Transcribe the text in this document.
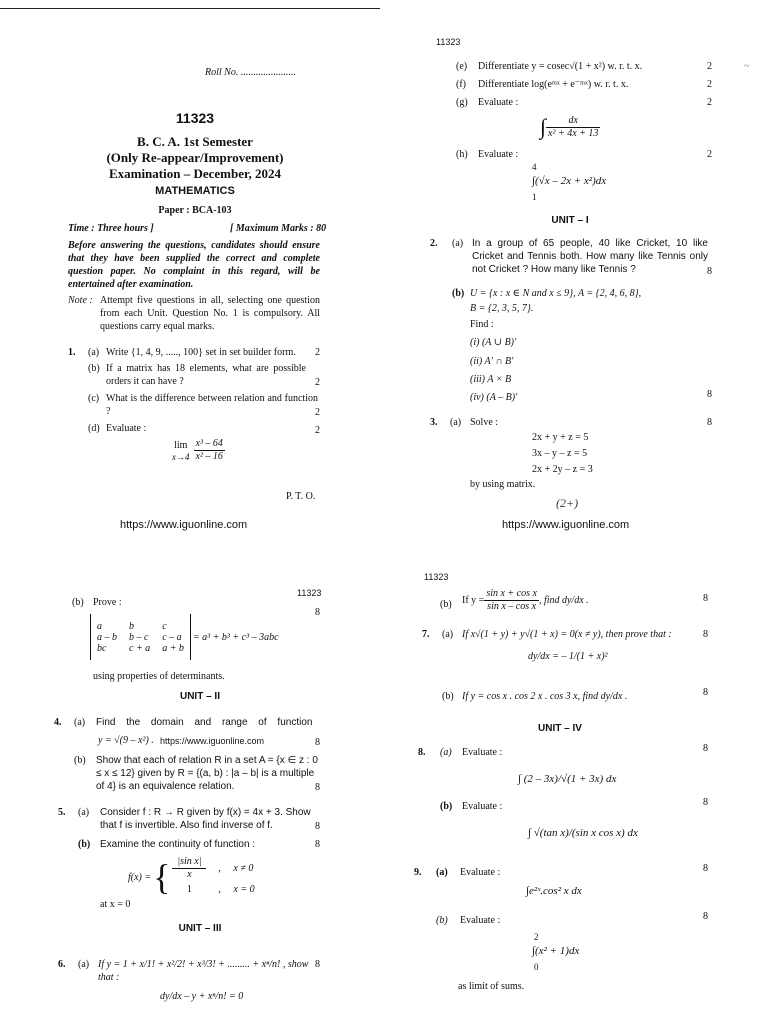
Roll No. ......................
11323
B. C. A. 1st Semester
(Only Re-appear/Improvement)
Examination – December, 2024
MATHEMATICS
Paper : BCA-103
Time : Three hours ]	[ Maximum Marks : 80
Before answering the questions, candidates should ensure that they have been supplied the correct and complete question paper. No complaint in this regard, will be entertained after examination.
Note : Attempt five questions in all, selecting one question from each Unit. Question No. 1 is compulsory. All questions carry equal marks.
1. (a) Write {1, 4, 9, ....., 100} set in set builder form.	2
(b) If a matrix has 18 elements, what are possible orders it can have ?	2
(c) What is the difference between relation and function ?	2
(d) Evaluate :	2
lim
x→4
$\frac{\text{x³ – 64}}{\text{x² – 16}}$
P. T. O.
https://www.iguonline.com
11323
~
(e) Differentiate y = cosec√(1 + x²) w. r. t. x.	2
(f) Differentiate log(eᵐˣ + e⁻ᵐˣ) w. r. t. x.	2
(g) Evaluate :	2
∫ $\frac{dx}{\text{x² + 4x + 13}}$
(h) Evaluate :	2
4
∫(√x – 2x + x²)dx
1
UNIT – I
2. (a) In a group of 65 people, 40 like Cricket, 10 like Cricket and Tennis both. How many like Tennis only not Cricket ? How many like Tennis ?	8
(b) U = {x : x ∈ N and x ≤ 9}, A = {2, 4, 6, 8},
B = {2, 3, 5, 7}.
Find :
(i) (A ∪ B)′
(ii) A′ ∩ B′
(iii) A × B
(iv) (A – B)′	8
3. (a) Solve :	8
2x + y + z = 5
3x – y – z = 5
2x + 2y – z = 3
by using matrix.
(2+)
https://www.iguonline.com
(b) Prove :
11323
8
a	b	c
a – b	b – c	c – a
bc	c + a	a + b
= a³ + b³ + c³ – 3abc
using properties of determinants.
UNIT – II
4. (a) Find the domain and range of function
y = √(9 – x²) . https://www.iguonline.com	8
(b) Show that each of relation R in a set A = {x ∈ z : 0 ≤ x ≤ 12} given by R = {(a, b) : |a – b| is a multiple of 4} is an equivalence relation.	8
5. (a) Consider f : R → R given by f(x) = 4x + 3. Show that f is invertible. Also find inverse of f.	8
(b) Examine the continuity of function :	8
f(x) = { $\frac{\text{|sin x|}}{x}$ ,     x ≠ 0
1	,     x = 0
at x = 0
UNIT – III
6. (a) If y = 1 + x/1! + x²/2! + x³/3! + ......... + xⁿ/n! , show that :
8
dy/dx – y + xⁿ/n! = 0
11323
(b) If $y = \frac{\text{sin x + cos x}}{\text{sin x – cos x}}$ , find dy/dx .	8
7. (a) If x√(1 + y) + y√(1 + x) = 0(x ≠ y), then prove that :	8
dy/dx = – 1/(1 + x)²
(b) If y = cos x . cos 2 x . cos 3 x, find dy/dx .	8
UNIT – IV
8. (a) Evaluate :	8
∫ (2 – 3x)/√(1 + 3x) dx
(b) Evaluate :	8
∫ √(tan x)/(sin x cos x) dx
9. (a) Evaluate :	8
∫e²ˣ.cos² x dx
(b) Evaluate :	8
2
∫(x² + 1)dx
0
as limit of sums.
